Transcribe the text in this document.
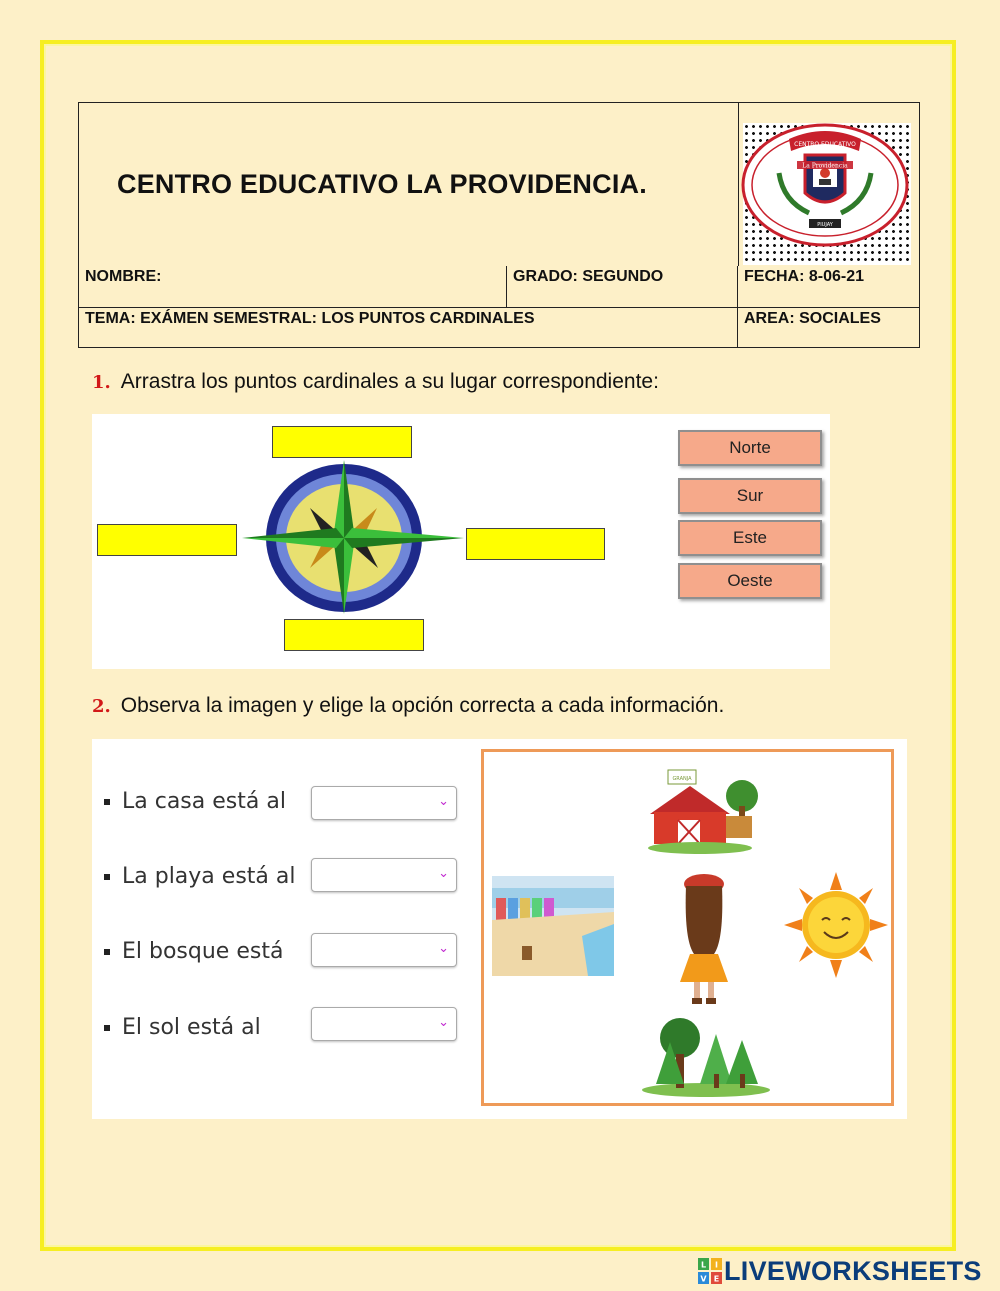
CENTRO EDUCATIVO LA PROVIDENCIA.
CENTRO EDUCATIVO
La Providencia
PIUJAY
NOMBRE:	GRADO: SEGUNDO	FECHA: 8-06-21
TEMA: EXÁMEN SEMESTRAL: LOS PUNTOS CARDINALES	AREA: SOCIALES
1. Arrastra los puntos cardinales a su lugar correspondiente:
Norte
Sur
Este
Oeste
2. Observa la imagen y elige la opción correcta a cada información.
La casa está al	⌄
La playa está al	⌄
El bosque está	⌄
El sol está al	⌄
GRANJA
L I
V E LIVEWORKSHEETS
